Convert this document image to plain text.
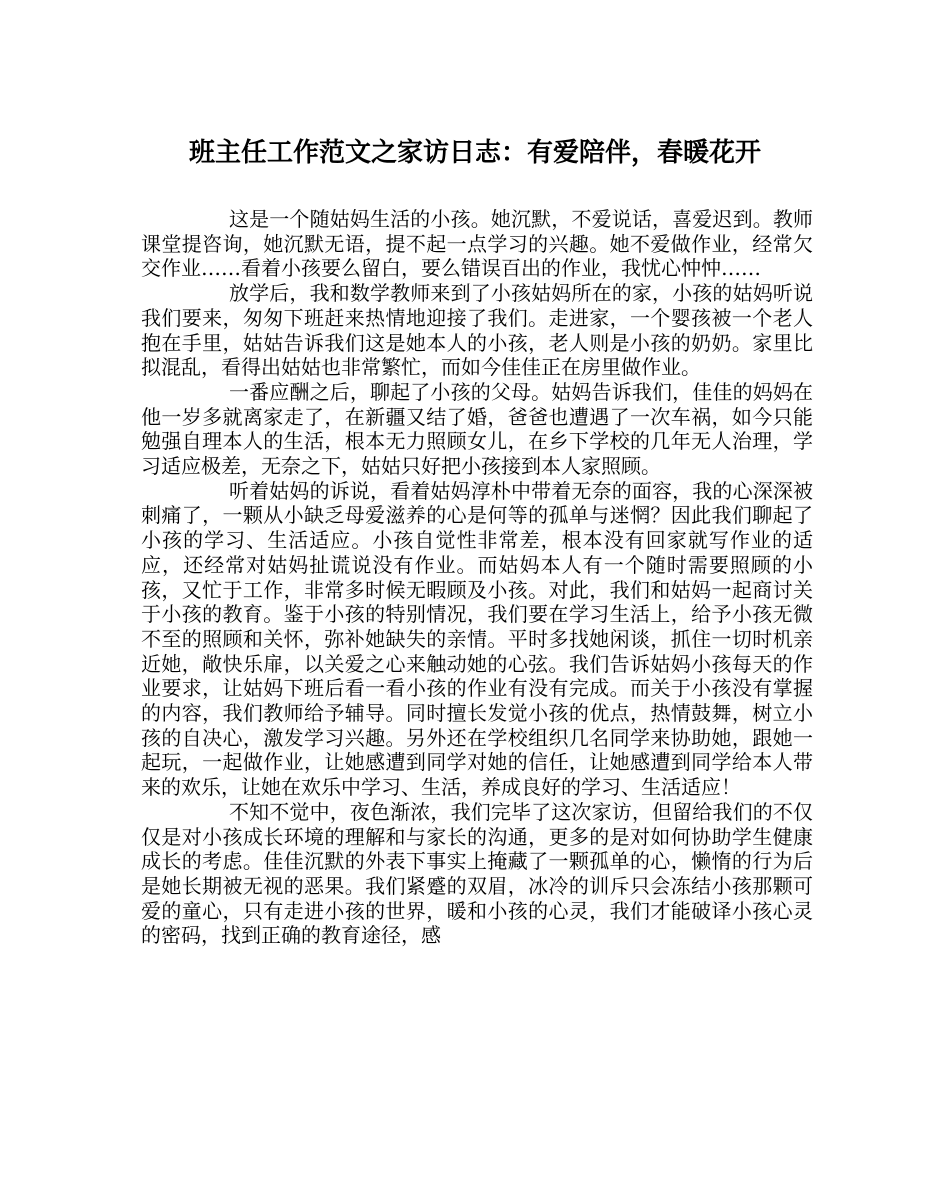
班主任工作范文之家访日志：有爱陪伴，春暖花开

这是一个随姑妈生活的小孩。她沉默，不爱说话，喜爱迟到。教师课堂提咨询，她沉默无语，提不起一点学习的兴趣。她不爱做作业，经常欠交作业……看着小孩要么留白，要么错误百出的作业，我忧心忡忡……

放学后，我和数学教师来到了小孩姑妈所在的家，小孩的姑妈听说我们要来，匆匆下班赶来热情地迎接了我们。走进家，一个婴孩被一个老人抱在手里，姑姑告诉我们这是她本人的小孩，老人则是小孩的奶奶。家里比拟混乱，看得出姑姑也非常繁忙，而如今佳佳正在房里做作业。

一番应酬之后，聊起了小孩的父母。姑妈告诉我们，佳佳的妈妈在他一岁多就离家走了，在新疆又结了婚，爸爸也遭遇了一次车祸，如今只能勉强自理本人的生活，根本无力照顾女儿，在乡下学校的几年无人治理，学习适应极差，无奈之下，姑姑只好把小孩接到本人家照顾。

听着姑妈的诉说，看着姑妈淳朴中带着无奈的面容，我的心深深被刺痛了，一颗从小缺乏母爱滋养的心是何等的孤单与迷惘？因此我们聊起了小孩的学习、生活适应。小孩自觉性非常差，根本没有回家就写作业的适应，还经常对姑妈扯谎说没有作业。而姑妈本人有一个随时需要照顾的小孩，又忙于工作，非常多时候无暇顾及小孩。对此，我们和姑妈一起商讨关于小孩的教育。鉴于小孩的特别情况，我们要在学习生活上，给予小孩无微不至的照顾和关怀，弥补她缺失的亲情。平时多找她闲谈，抓住一切时机亲近她，敞快乐扉，以关爱之心来触动她的心弦。我们告诉姑妈小孩每天的作业要求，让姑妈下班后看一看小孩的作业有没有完成。而关于小孩没有掌握的内容，我们教师给予辅导。同时擅长发觉小孩的优点，热情鼓舞，树立小孩的自决心，激发学习兴趣。另外还在学校组织几名同学来协助她，跟她一起玩，一起做作业，让她感遭到同学对她的信任，让她感遭到同学给本人带来的欢乐，让她在欢乐中学习、生活，养成良好的学习、生活适应！

不知不觉中，夜色渐浓，我们完毕了这次家访，但留给我们的不仅仅是对小孩成长环境的理解和与家长的沟通，更多的是对如何协助学生健康成长的考虑。佳佳沉默的外表下事实上掩藏了一颗孤单的心，懒惰的行为后是她长期被无视的恶果。我们紧蹙的双眉，冰冷的训斥只会冻结小孩那颗可爱的童心，只有走进小孩的世界，暖和小孩的心灵，我们才能破译小孩心灵的密码，找到正确的教育途径，感
